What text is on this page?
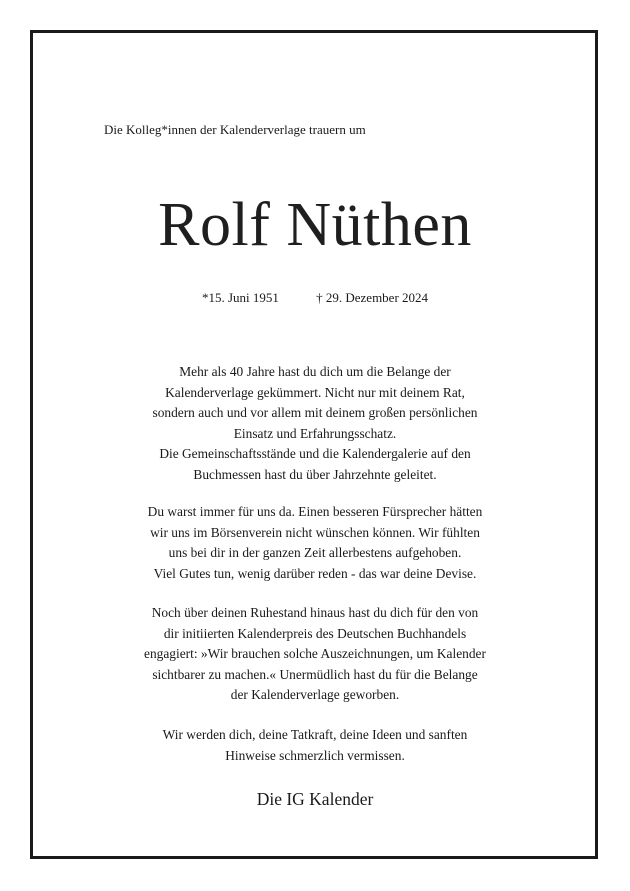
Die Kolleg*innen der Kalenderverlage trauern um
Rolf Nüthen
*15. Juni 1951	† 29. Dezember 2024
Mehr als 40 Jahre hast du dich um die Belange der
Kalenderverlage gekümmert. Nicht nur mit deinem Rat,
sondern auch und vor allem mit deinem großen persönlichen
Einsatz und Erfahrungsschatz.
Die Gemeinschaftsstände und die Kalendergalerie auf den
Buchmessen hast du über Jahrzehnte geleitet.
Du warst immer für uns da. Einen besseren Fürsprecher hätten
wir uns im Börsenverein nicht wünschen können. Wir fühlten
uns bei dir in der ganzen Zeit allerbestens aufgehoben.
Viel Gutes tun, wenig darüber reden - das war deine Devise.
Noch über deinen Ruhestand hinaus hast du dich für den von
dir initiierten Kalenderpreis des Deutschen Buchhandels
engagiert: »Wir brauchen solche Auszeichnungen, um Kalender
sichtbarer zu machen.« Unermüdlich hast du für die Belange
der Kalenderverlage geworben.
Wir werden dich, deine Tatkraft, deine Ideen und sanften
Hinweise schmerzlich vermissen.
Die IG Kalender
